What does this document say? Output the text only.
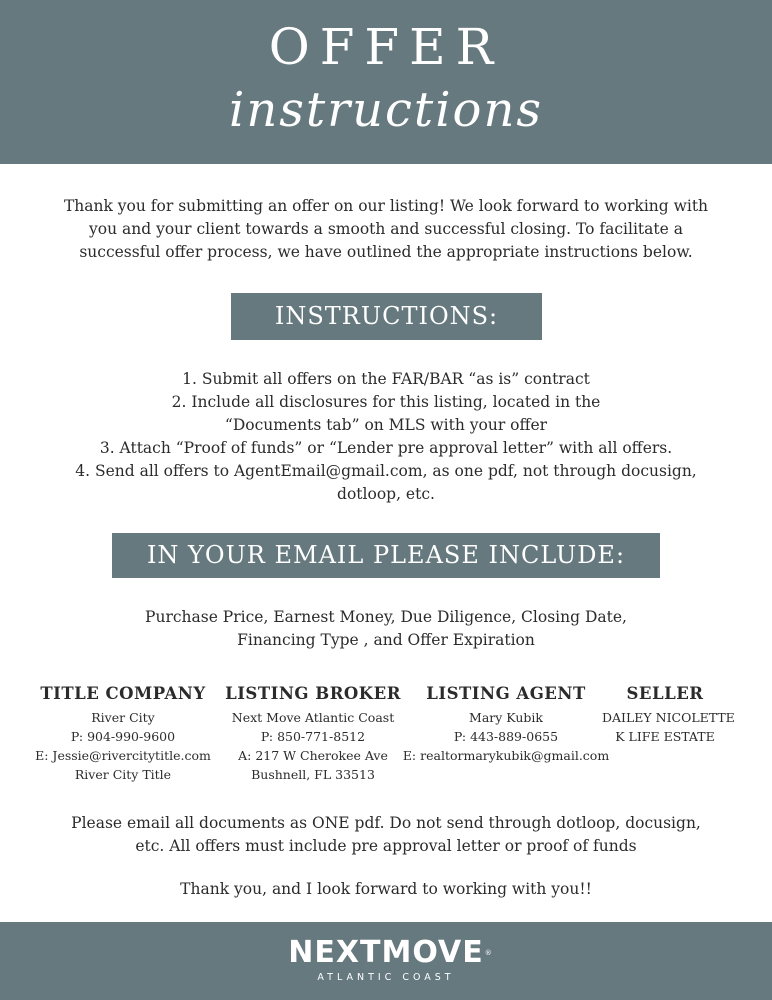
OFFER
instructions
Thank you for submitting an offer on our listing! We look forward to working with
you and your client towards a smooth and successful closing. To facilitate a
successful offer process, we have outlined the appropriate instructions below.
INSTRUCTIONS:
1. Submit all offers on the FAR/BAR “as is” contract
2. Include all disclosures for this listing, located in the
“Documents tab” on MLS with your offer
3. Attach “Proof of funds” or “Lender pre approval letter” with all offers.
4. Send all offers to AgentEmail@gmail.com, as one pdf, not through docusign,
dotloop, etc.
IN YOUR EMAIL PLEASE INCLUDE:
Purchase Price, Earnest Money, Due Diligence, Closing Date,
Financing Type , and Offer Expiration
TITLE COMPANY
River City
P: 904-990-9600
E: Jessie@rivercitytitle.com
River City Title
LISTING BROKER
Next Move Atlantic Coast
P: 850-771-8512
A: 217 W Cherokee Ave
Bushnell, FL 33513
LISTING AGENT
Mary Kubik
P: 443-889-0655
E: realtormarykubik@gmail.com
SELLER
DAILEY NICOLETTE
K LIFE ESTATE
Please email all documents as ONE pdf. Do not send through dotloop, docusign,
etc. All offers must include pre approval letter or proof of funds
Thank you, and I look forward to working with you!!
NEXTMOVE ®
ATLANTIC COAST
